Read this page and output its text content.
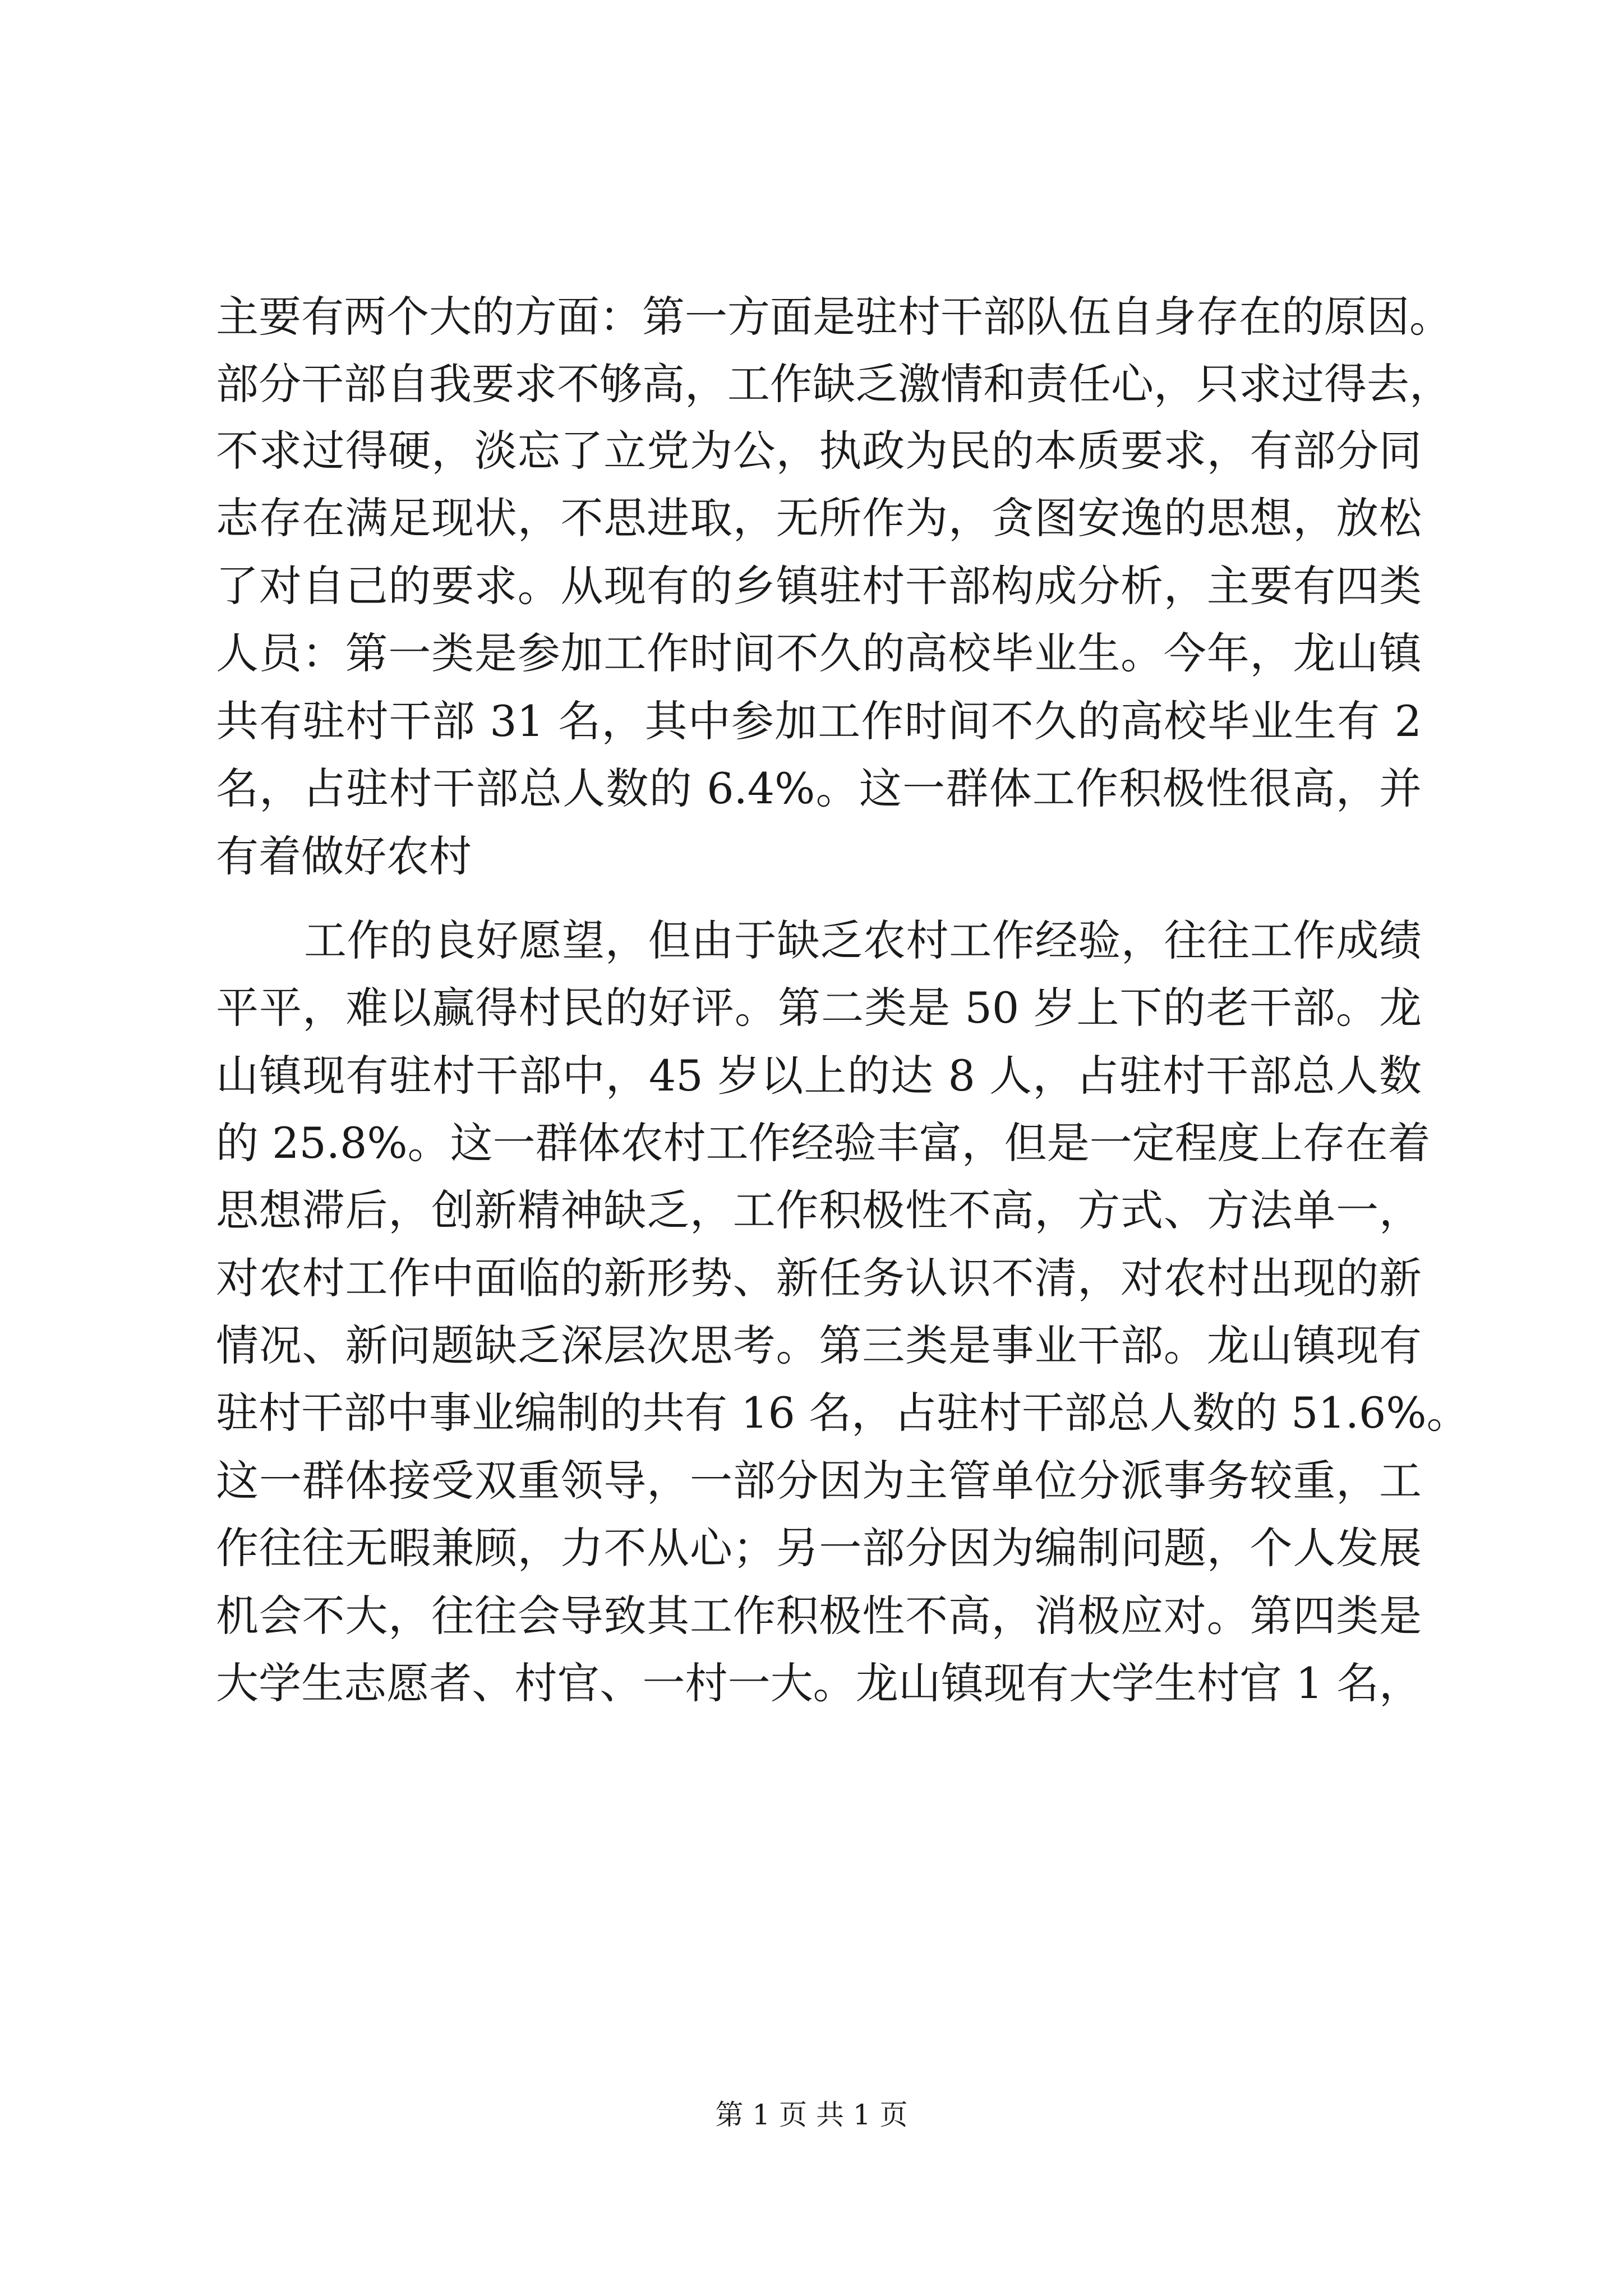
主要有两个大的方面：第一方面是驻村干部队伍自身存在的原因。

部分干部自我要求不够高，工作缺乏激情和责任心，只求过得去，

不求过得硬，淡忘了立党为公，执政为民的本质要求，有部分同

志存在满足现状，不思进取，无所作为，贪图安逸的思想，放松

了对自己的要求。从现有的乡镇驻村干部构成分析，主要有四类

人员：第一类是参加工作时间不久的高校毕业生。今年，龙山镇

共有驻村干部 31 名，其中参加工作时间不久的高校毕业生有 2

名，占驻村干部总人数的 6.4%。这一群体工作积极性很高，并

有着做好农村

工作的良好愿望，但由于缺乏农村工作经验，往往工作成绩

平平，难以赢得村民的好评。第二类是 50 岁上下的老干部。龙

山镇现有驻村干部中，45 岁以上的达 8 人，占驻村干部总人数

的 25.8%。这一群体农村工作经验丰富，但是一定程度上存在着

思想滞后，创新精神缺乏，工作积极性不高，方式、方法单一，

对农村工作中面临的新形势、新任务认识不清，对农村出现的新

情况、新问题缺乏深层次思考。第三类是事业干部。龙山镇现有

驻村干部中事业编制的共有 16 名，占驻村干部总人数的 51.6%。

这一群体接受双重领导，一部分因为主管单位分派事务较重，工

作往往无暇兼顾，力不从心；另一部分因为编制问题，个人发展

机会不大，往往会导致其工作积极性不高，消极应对。第四类是

大学生志愿者、村官、一村一大。龙山镇现有大学生村官 1 名，

第 1 页 共 1 页
